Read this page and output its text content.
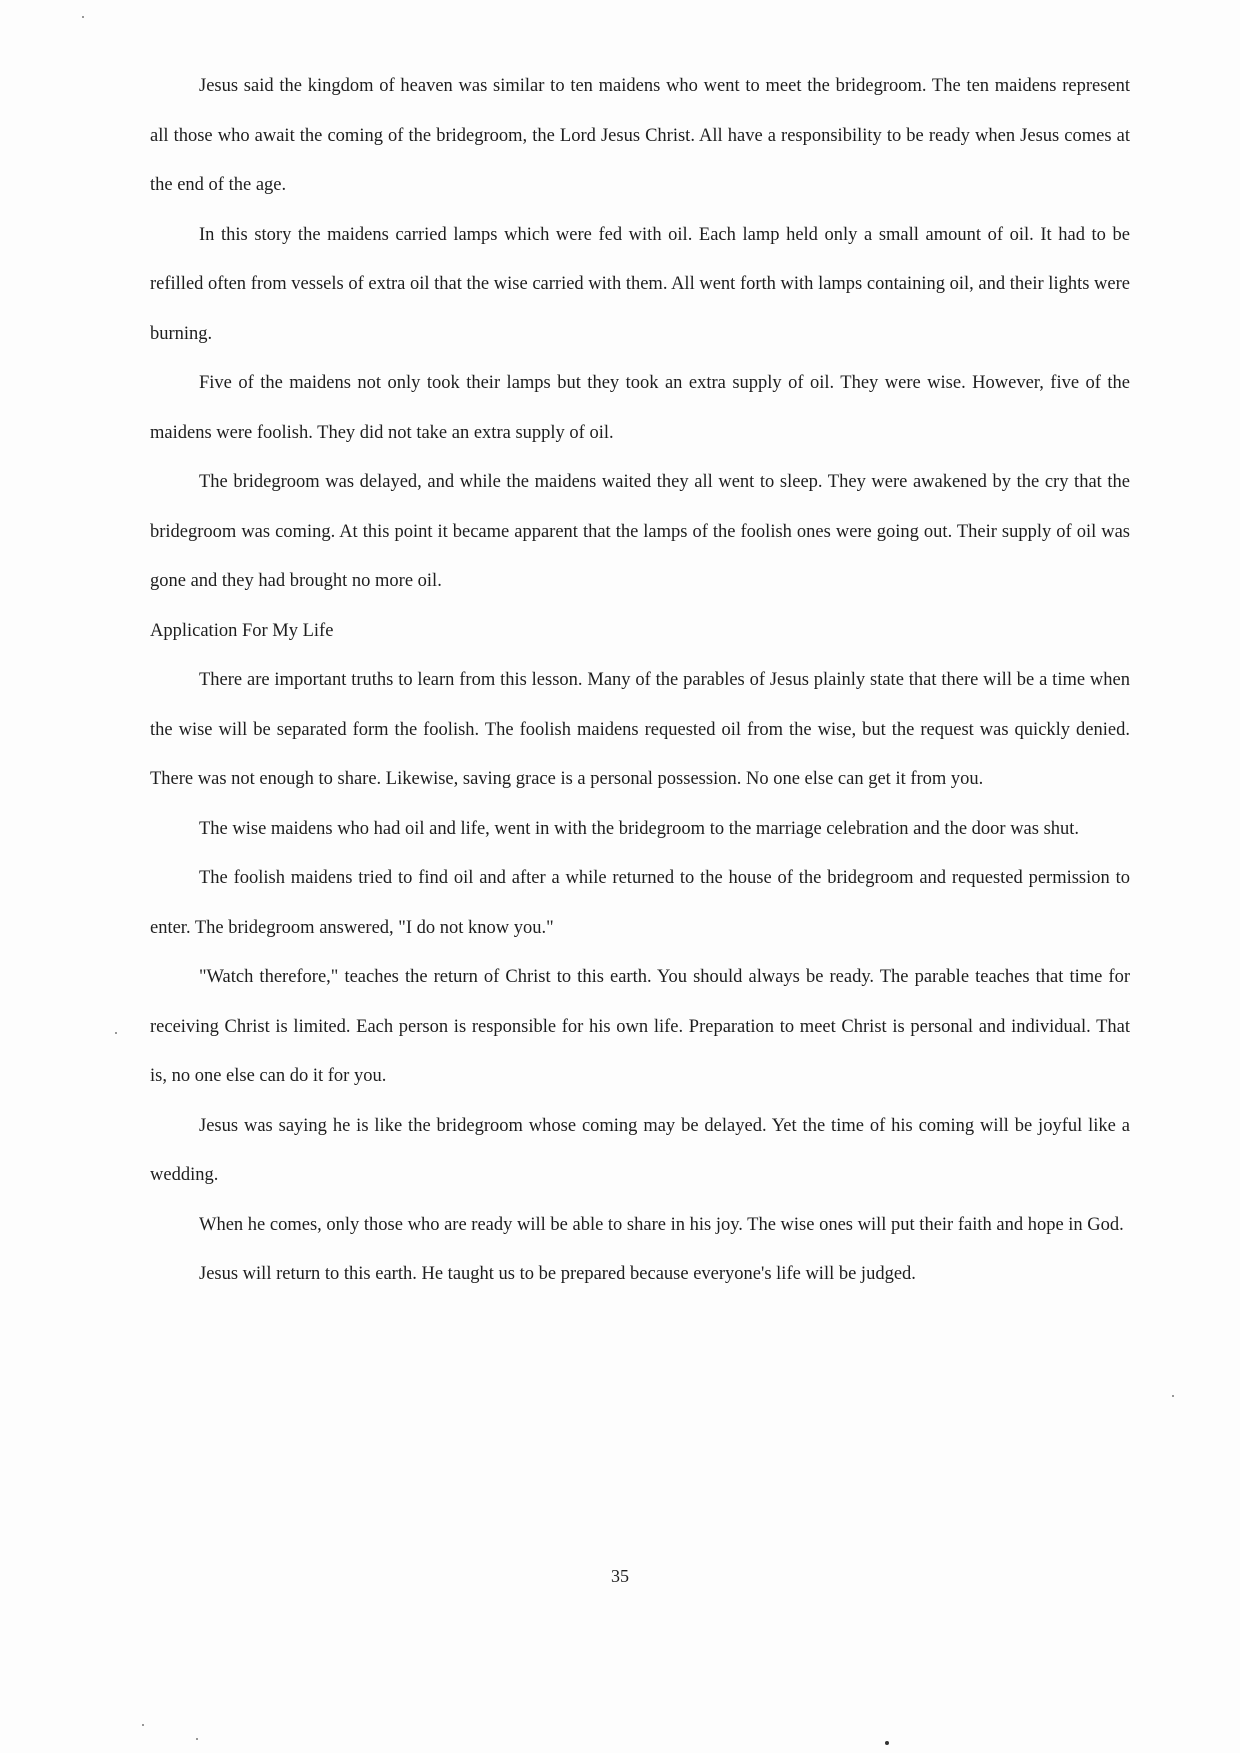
Jesus said the kingdom of heaven was similar to ten maidens who went to meet the bridegroom. The ten maidens represent all those who await the coming of the bridegroom, the Lord Jesus Christ. All have a responsibility to be ready when Jesus comes at the end of the age.

In this story the maidens carried lamps which were fed with oil. Each lamp held only a small amount of oil. It had to be refilled often from vessels of extra oil that the wise carried with them. All went forth with lamps containing oil, and their lights were burning.

Five of the maidens not only took their lamps but they took an extra supply of oil. They were wise. However, five of the maidens were foolish. They did not take an extra supply of oil.

The bridegroom was delayed, and while the maidens waited they all went to sleep. They were awakened by the cry that the bridegroom was coming. At this point it became apparent that the lamps of the foolish ones were going out. Their supply of oil was gone and they had brought no more oil.

Application For My Life

There are important truths to learn from this lesson. Many of the parables of Jesus plainly state that there will be a time when the wise will be separated form the foolish. The foolish maidens requested oil from the wise, but the request was quickly denied. There was not enough to share. Likewise, saving grace is a personal possession. No one else can get it from you.

The wise maidens who had oil and life, went in with the bridegroom to the marriage celebration and the door was shut.

The foolish maidens tried to find oil and after a while returned to the house of the bridegroom and requested permission to enter. The bridegroom answered, "I do not know you."

"Watch therefore," teaches the return of Christ to this earth. You should always be ready. The parable teaches that time for receiving Christ is limited. Each person is responsible for his own life. Preparation to meet Christ is personal and individual. That is, no one else can do it for you.

Jesus was saying he is like the bridegroom whose coming may be delayed. Yet the time of his coming will be joyful like a wedding.

When he comes, only those who are ready will be able to share in his joy. The wise ones will put their faith and hope in God.

Jesus will return to this earth. He taught us to be prepared because everyone's life will be judged.

35
